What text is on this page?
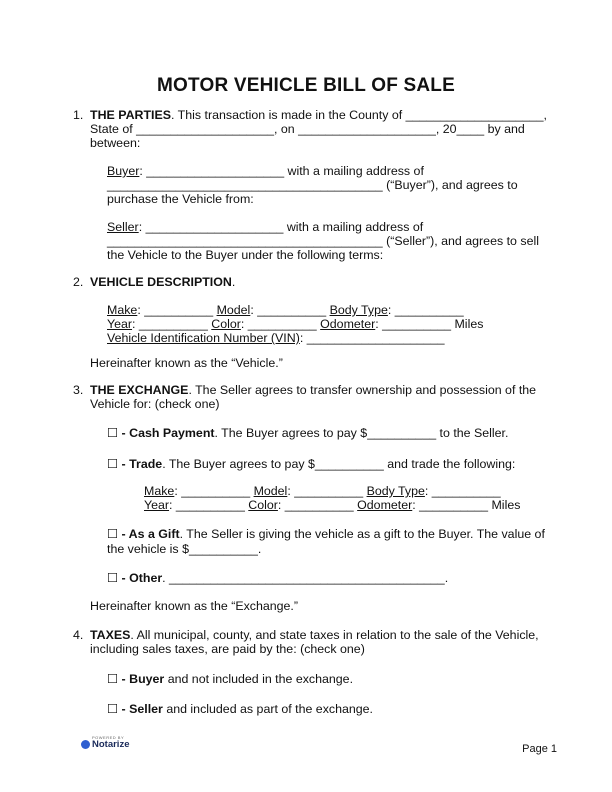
MOTOR VEHICLE BILL OF SALE
1. THE PARTIES. This transaction is made in the County of ____________________,
State of ____________________, on ____________________, 20____ by and
between:
Buyer: ____________________ with a mailing address of
________________________________________ (“Buyer”), and agrees to
purchase the Vehicle from:
Seller: ____________________ with a mailing address of
________________________________________ (“Seller”), and agrees to sell
the Vehicle to the Buyer under the following terms:
2. VEHICLE DESCRIPTION.
Make: __________ Model: __________ Body Type: __________
Year: __________ Color: __________ Odometer: __________ Miles
Vehicle Identification Number (VIN): ____________________
Hereinafter known as the “Vehicle.”
3. THE EXCHANGE. The Seller agrees to transfer ownership and possession of the
Vehicle for: (check one)
☐ - Cash Payment. The Buyer agrees to pay $__________ to the Seller.
☐ - Trade. The Buyer agrees to pay $__________ and trade the following:
Make: __________ Model: __________ Body Type: __________
Year: __________ Color: __________ Odometer: __________ Miles
☐ - As a Gift. The Seller is giving the vehicle as a gift to the Buyer. The value of
the vehicle is $__________.
☐ - Other. ________________________________________.
Hereinafter known as the “Exchange.”
4. TAXES. All municipal, county, and state taxes in relation to the sale of the Vehicle,
including sales taxes, are paid by the: (check one)
☐ - Buyer and not included in the exchange.
☐ - Seller and included as part of the exchange.
POWERED BY
Notarize	Page 1
